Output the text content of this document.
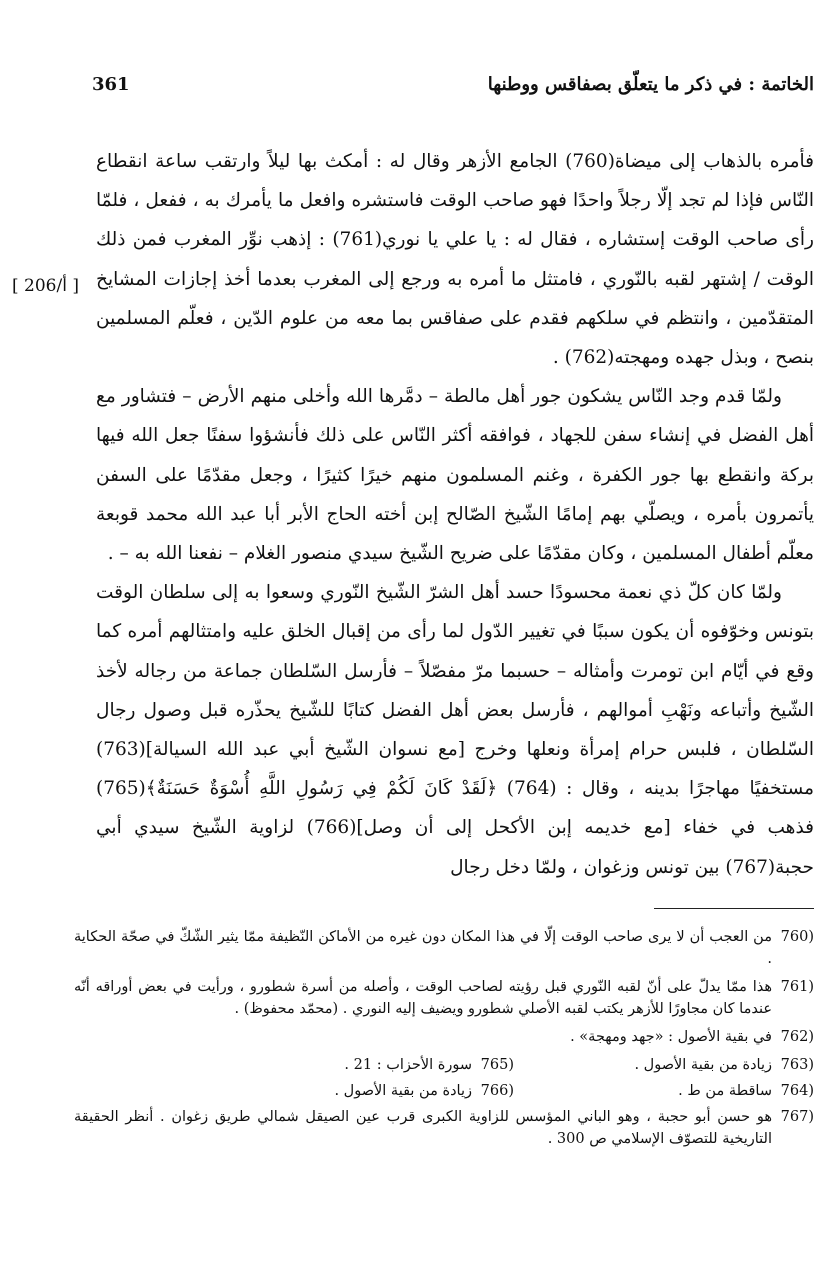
الخاتمة : في ذكر ما يتعلّق بصفاقس ووطنها
361
[ 206/أ ]

فأمره بالذهاب إلى ميضاة(760) الجامع الأزهر وقال له : أمكث بها ليلاً وارتقب ساعة انقطاع النّاس فإذا لم تجد إلّا رجلاً واحدًا فهو صاحب الوقت فاستشره وافعل ما يأمرك به ، ففعل ، فلمّا رأى صاحب الوقت إستشاره ، فقال له : يا علي يا نوري(761) : إذهب نوِّر المغرب فمن ذلك الوقت / إشتهر لقبه بالنّوري ، فامتثل ما أمره به ورجع إلى المغرب بعدما أخذ إجازات المشايخ المتقدّمين ، وانتظم في سلكهم فقدم على صفاقس بما معه من علوم الدّين ، فعلّم المسلمين بنصح ، وبذل جهده ومهجته(762) .

ولمّا قدم وجد النّاس يشكون جور أهل مالطة – دمَّرها الله وأخلى منهم الأرض – فتشاور مع أهل الفضل في إنشاء سفن للجهاد ، فوافقه أكثر النّاس على ذلك فأنشؤوا سفنًا جعل الله فيها بركة وانقطع بها جور الكفرة ، وغنم المسلمون منهم خيرًا كثيرًا ، وجعل مقدّمًا على السفن يأتمرون بأمره ، ويصلّي بهم إمامًا الشّيخ الصّالح إبن أخته الحاج الأبر أبا عبد الله محمد قوبعة معلّم أطفال المسلمين ، وكان مقدّمًا على ضريح الشّيخ سيدي منصور الغلام – نفعنا الله به – .

ولمّا كان كلّ ذي نعمة محسودًا حسد أهل الشرّ الشّيخ النّوري وسعوا به إلى سلطان الوقت بتونس وخوّفوه أن يكون سببًا في تغيير الدّول لما رأى من إقبال الخلق عليه وامتثالهم أمره كما وقع في أيّام ابن تومرت وأمثاله – حسبما مرّ مفصّلاً – فأرسل السّلطان جماعة من رجاله لأخذ الشّيخ وأتباعه ونَهْبِ أموالهم ، فأرسل بعض أهل الفضل كتابًا للشّيخ يحذّره قبل وصول رجال السّلطان ، فلبس حرام إمرأة ونعلها وخرج [مع نسوان الشّيخ أبي عبد الله السيالة](763) مستخفيًا مهاجرًا بدينه ، وقال : (764) ﴿لَقَدْ كَانَ لَكُمْ فِي رَسُولِ اللَّهِ أُسْوَةٌ حَسَنَةٌ﴾(765) فذهب في خفاء [مع خديمه إبن الأكحل إلى أن وصل](766) لزاوية الشّيخ سيدي أبي حجبة(767) بين تونس وزغوان ، ولمّا دخل رجال

760)
من العجب أن لا يرى صاحب الوقت إلّا في هذا المكان دون غيره من الأماكن النّظيفة ممّا يثير الشّكّ في صحّة الحكاية .
761)
هذا ممّا يدلّ على أنّ لقبه النّوري قبل رؤيته لصاحب الوقت ، وأصله من أسرة شطورو ، ورأيت في بعض أوراقه أنّه عندما كان مجاورًا للأزهر يكتب لقبه الأصلي شطورو ويضيف إليه النوري . (محمّد محفوظ) .
762)
في بقية الأصول : «جهد ومهجة» .
763)
زيادة من بقية الأصول .
765)
سورة الأحزاب : 21 .
764)
ساقطة من ط .
766)
زيادة من بقية الأصول .
767)
هو حسن أبو حجبة ، وهو الباني المؤسس للزاوية الكبرى قرب عين الصيقل شمالي طريق زغوان . أنظر الحقيقة التاريخية للتصوّف الإسلامي ص 300 .
